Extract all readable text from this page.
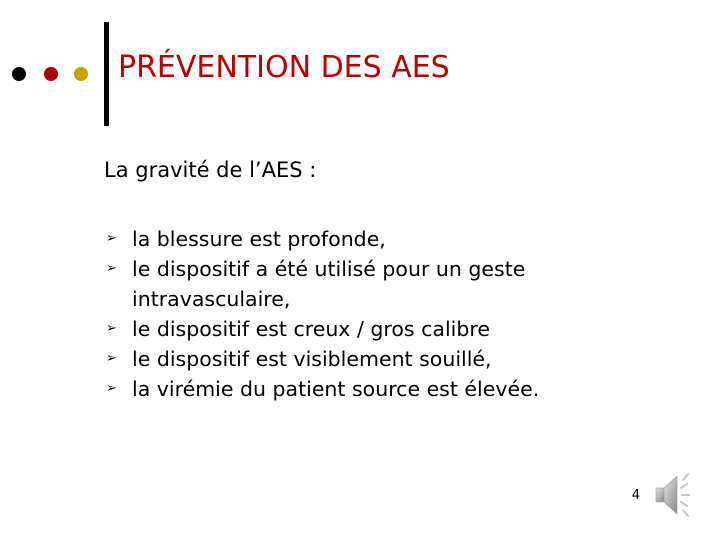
PRÉVENTION DES AES
La gravité de l’AES :
➢ la blessure est profonde,
➢ le dispositif a été utilisé pour un geste intravasculaire,
➢ le dispositif est creux / gros calibre
➢ le dispositif est visiblement souillé,
➢ la virémie du patient source est élevée.
4
